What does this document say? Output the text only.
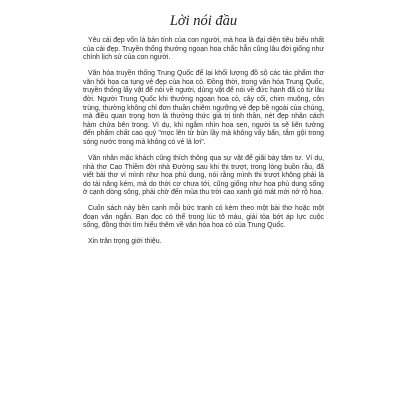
Lời nói đầu

Yêu cái đẹp vốn là bản tính của con người, mà hoa là đại diện tiêu biểu nhất của cái đẹp. Truyền thống thưởng ngoạn hoa chắc hẳn cũng lâu đời giống như chính lịch sử của con người.

Văn hóa truyền thống Trung Quốc để lại khối lượng đồ sộ các tác phẩm thơ văn hội họa ca tụng vẻ đẹp của hoa cỏ. Đồng thời, trong văn hóa Trung Quốc, truyền thống lấy vật để nói về người, dùng vật để nói về đức hạnh đã có từ lâu đời. Người Trung Quốc khi thưởng ngoạn hoa cỏ, cây cối, chim muông, côn trùng, thường không chỉ đơn thuần chiêm ngưỡng vẻ đẹp bề ngoài của chúng, mà điều quan trọng hơn là thưởng thức giá trị tinh thần, nét đẹp nhân cách hàm chứa bên trong. Ví dụ, khi ngắm nhìn hoa sen, người ta sẽ liên tưởng đến phẩm chất cao quý "mọc lên từ bùn lầy mà không vấy bẩn, tắm gội trong sóng nước trong mà không có vẻ lả lơi".

Văn nhân mặc khách cũng thích thông qua sự vật để giãi bày tâm tư. Ví dụ, nhà thơ Cao Thiềm đời nhà Đường sau khi thi trượt, trong lòng buồn rầu, đã viết bài thơ ví mình như hoa phù dung, nói rằng mình thi trượt không phải là do tài năng kém, mà do thời cơ chưa tới, cũng giống như hoa phù dung sống ở cạnh dòng sông, phải chờ đến mùa thu trời cao xanh gió mát mới nở rộ hoa.

Cuốn sách này bên cạnh mỗi bức tranh có kèm theo một bài thơ hoặc một đoạn văn ngắn. Bạn đọc có thể trong lúc tô màu, giải tỏa bớt áp lực cuộc sống, đồng thời tìm hiểu thêm về văn hóa hoa cỏ của Trung Quốc.

Xin trân trọng giới thiệu.
